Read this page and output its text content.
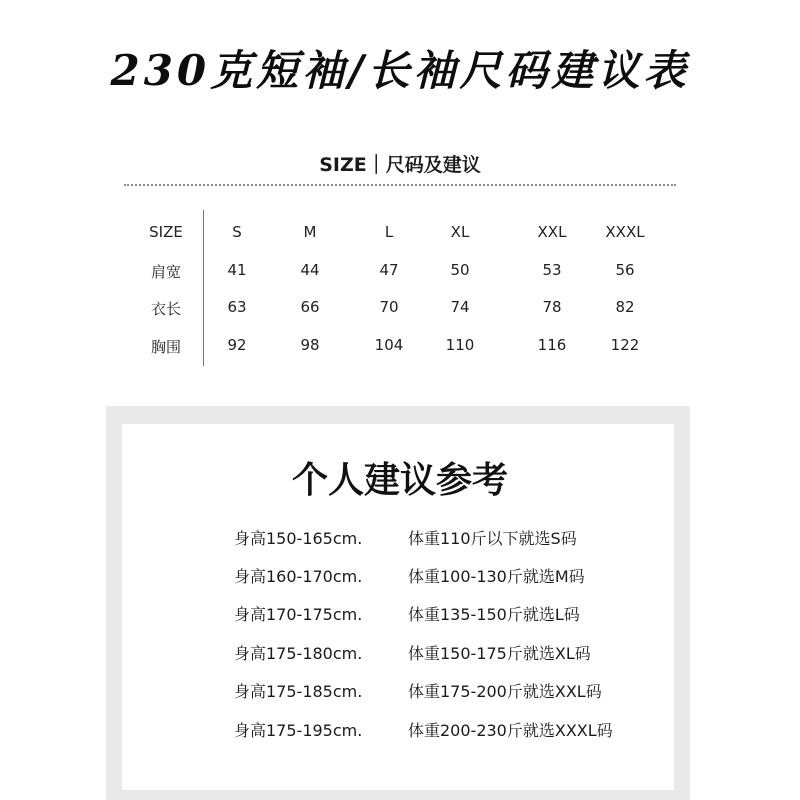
230克短袖/长袖尺码建议表
SIZE｜尺码及建议
SIZE	S	M	L	XL	XXL	XXXL
肩宽	41	44	47	50	53	56
衣长	63	66	70	74	78	82
胸围	92	98	104	110	116	122
个人建议参考
身高150-165cm.	体重110斤以下就选S码
身高160-170cm.	体重100-130斤就选M码
身高170-175cm.	体重135-150斤就选L码
身高175-180cm.	体重150-175斤就选XL码
身高175-185cm.	体重175-200斤就选XXL码
身高175-195cm.	体重200-230斤就选XXXL码
